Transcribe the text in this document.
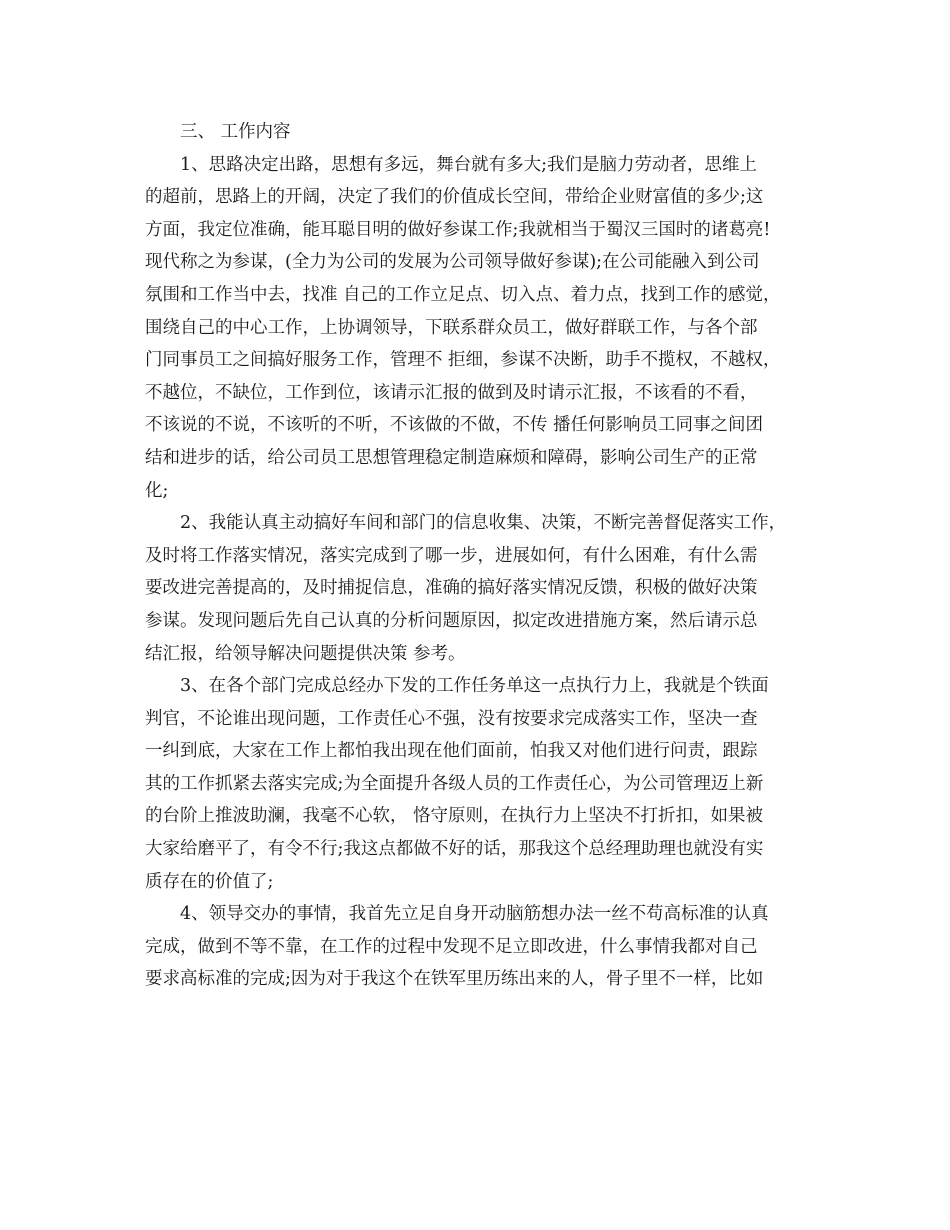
三、 工作内容
1、思路决定出路，思想有多远，舞台就有多大;我们是脑力劳动者，思维上
的超前，思路上的开阔，决定了我们的价值成长空间，带给企业财富值的多少;这
方面，我定位准确，能耳聪目明的做好参谋工作;我就相当于蜀汉三国时的诸葛亮!
现代称之为参谋，(全力为公司的发展为公司领导做好参谋);在公司能融入到公司
氛围和工作当中去，找准 自己的工作立足点、切入点、着力点，找到工作的感觉，
围绕自己的中心工作，上协调领导，下联系群众员工，做好群联工作，与各个部
门同事员工之间搞好服务工作，管理不 拒细，参谋不决断，助手不揽权，不越权，
不越位，不缺位，工作到位，该请示汇报的做到及时请示汇报，不该看的不看，
不该说的不说，不该听的不听，不该做的不做，不传 播任何影响员工同事之间团
结和进步的话，给公司员工思想管理稳定制造麻烦和障碍，影响公司生产的正常
化;
2、我能认真主动搞好车间和部门的信息收集、决策，不断完善督促落实工作，
及时将工作落实情况，落实完成到了哪一步，进展如何，有什么困难，有什么需
要改进完善提高的，及时捕捉信息，准确的搞好落实情况反馈，积极的做好决策
参谋。发现问题后先自己认真的分析问题原因，拟定改进措施方案，然后请示总
结汇报，给领导解决问题提供决策 参考。
3、在各个部门完成总经办下发的工作任务单这一点执行力上，我就是个铁面
判官，不论谁出现问题，工作责任心不强，没有按要求完成落实工作，坚决一查
一纠到底，大家在工作上都怕我出现在他们面前，怕我又对他们进行问责，跟踪
其的工作抓紧去落实完成;为全面提升各级人员的工作责任心，为公司管理迈上新
的台阶上推波助澜，我毫不心软， 恪守原则，在执行力上坚决不打折扣，如果被
大家给磨平了，有令不行;我这点都做不好的话，那我这个总经理助理也就没有实
质存在的价值了;
4、领导交办的事情，我首先立足自身开动脑筋想办法一丝不苟高标准的认真
完成，做到不等不靠，在工作的过程中发现不足立即改进，什么事情我都对自己
要求高标准的完成;因为对于我这个在铁军里历练出来的人，骨子里不一样，比如
